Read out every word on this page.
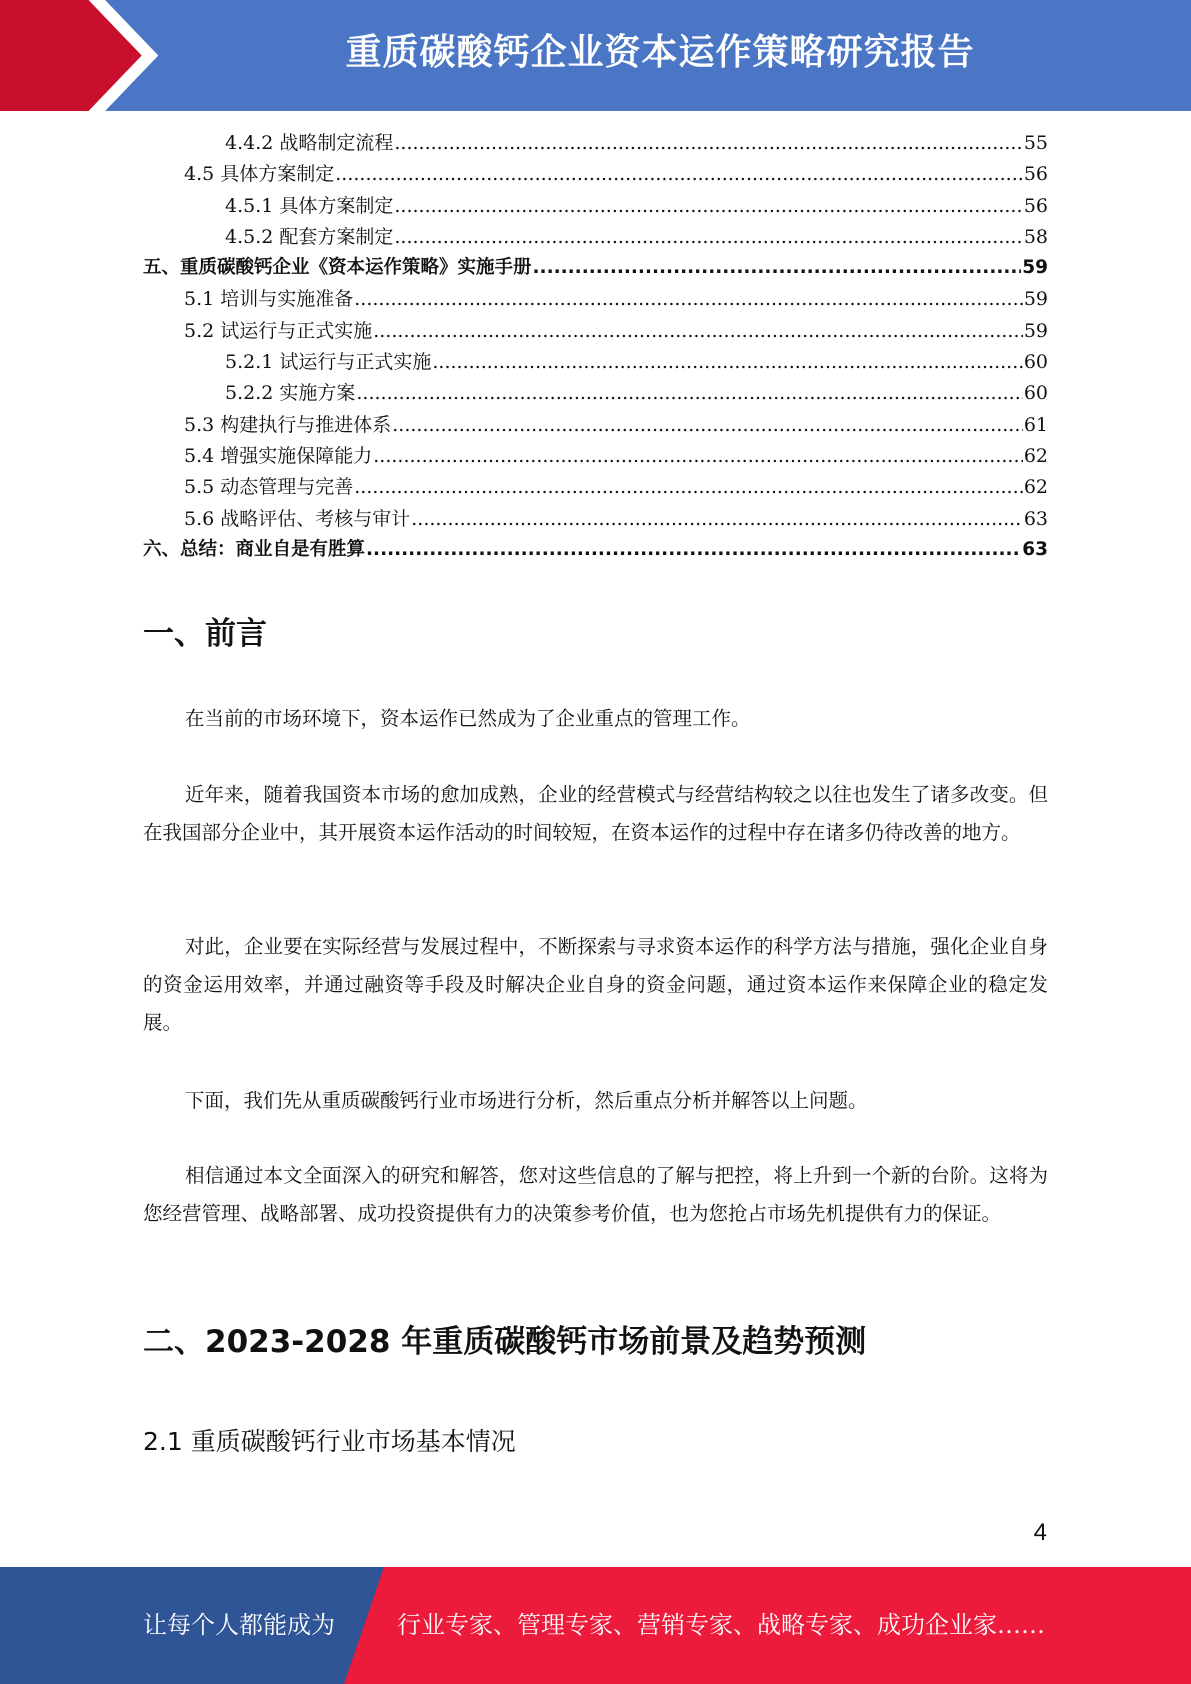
重质碳酸钙企业资本运作策略研究报告
4.4.2 战略制定流程 .....	55
4.5 具体方案制定 .....	56
4.5.1 具体方案制定 .....	56
4.5.2 配套方案制定 .....	58
五、重质碳酸钙企业《资本运作策略》实施手册 .....	59
5.1 培训与实施准备 .....	59
5.2 试运行与正式实施 .....	59
5.2.1 试运行与正式实施 .....	60
5.2.2 实施方案 .....	60
5.3 构建执行与推进体系 .....	61
5.4 增强实施保障能力 .....	62
5.5 动态管理与完善 .....	62
5.6 战略评估、考核与审计 .....	63
六、总结：商业自是有胜算 .....	63
一、前言

在当前的市场环境下，资本运作已然成为了企业重点的管理工作。

近年来，随着我国资本市场的愈加成熟，企业的经营模式与经营结构较之以往也发生了诸多改变。但在我国部分企业中，其开展资本运作活动的时间较短，在资本运作的过程中存在诸多仍待改善的地方。

对此，企业要在实际经营与发展过程中，不断探索与寻求资本运作的科学方法与措施，强化企业自身的资金运用效率，并通过融资等手段及时解决企业自身的资金问题，通过资本运作来保障企业的稳定发展。

下面，我们先从重质碳酸钙行业市场进行分析，然后重点分析并解答以上问题。

相信通过本文全面深入的研究和解答，您对这些信息的了解与把控，将上升到一个新的台阶。这将为您经营管理、战略部署、成功投资提供有力的决策参考价值，也为您抢占市场先机提供有力的保证。

二、2023-2028 年重质碳酸钙市场前景及趋势预测
2.1 重质碳酸钙行业市场基本情况
4
让每个人都能成为	行业专家、管理专家、营销专家、战略专家、成功企业家……
